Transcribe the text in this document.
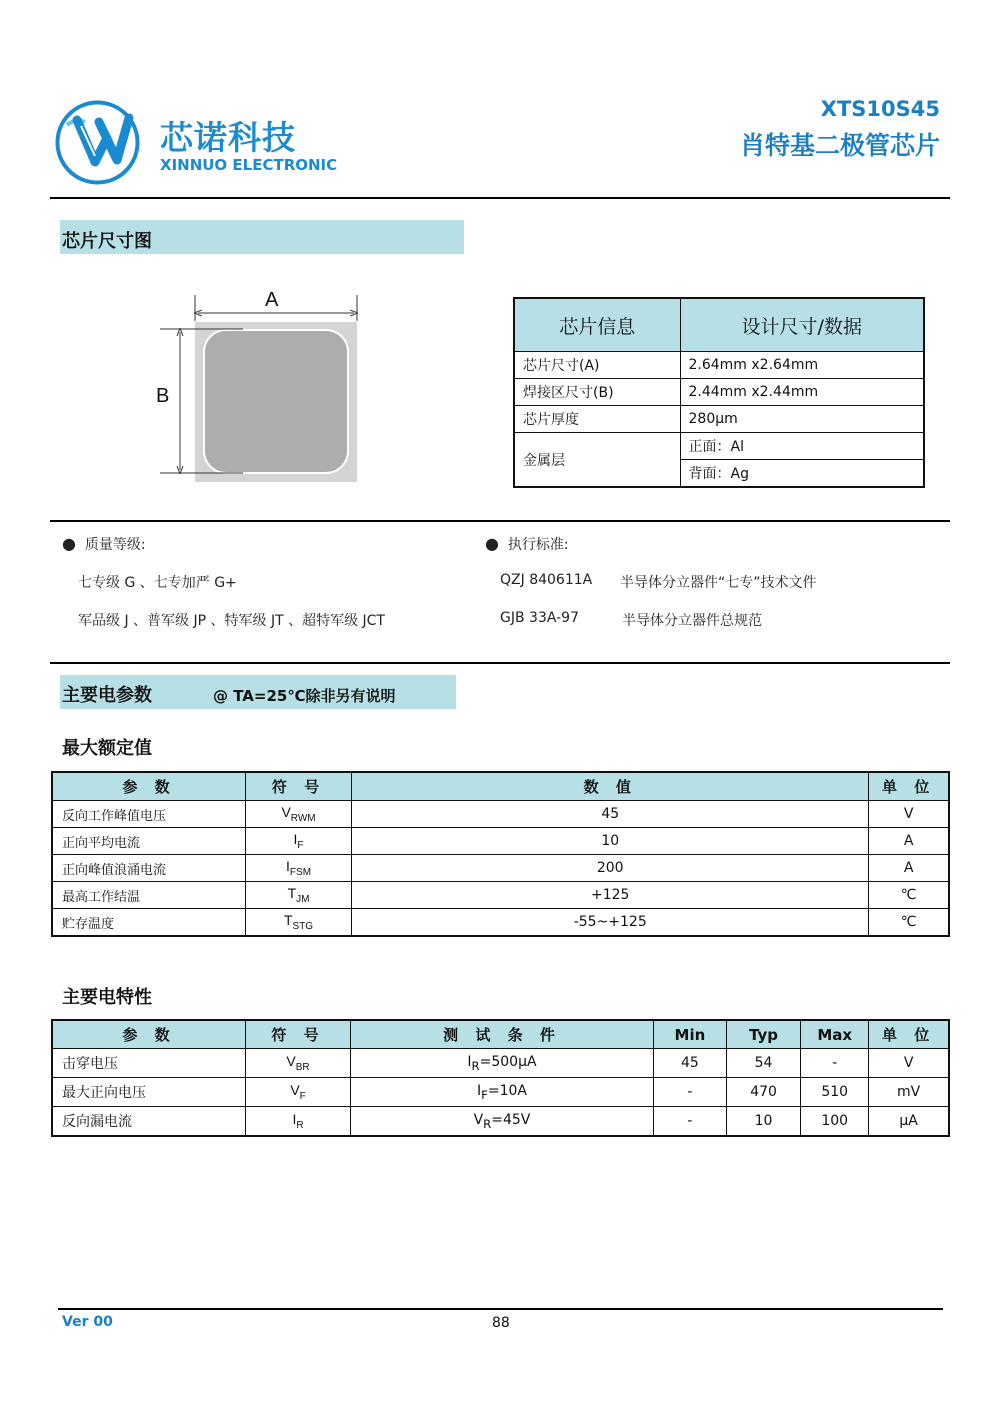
芯诺科技
XINNUO ELECTRONIC
XTS10S45
肖特基二极管芯片
芯片尺寸图
A
B
芯片信息	设计尺寸/数据
芯片尺寸(A)	2.64mm x2.64mm
焊接区尺寸(B)	2.44mm x2.44mm
芯片厚度	280μm
金属层	正面：Al
	背面：Ag
● 质量等级:
七专级 G 、七专加严 G+
军品级 J 、普军级 JP 、特军级 JT 、超特军级 JCT
● 执行标准:
QZJ 840611A 半导体分立器件“七专”技术文件
GJB 33A-97	半导体分立器件总规范
主要电参数	@ TA=25℃除非另有说明
最大额定值
参 数	符 号	数 值	单 位
反向工作峰值电压	$V_{RWM}$	45	V
正向平均电流	$I_F$	10	A
正向峰值浪涌电流	$I_{FSM}$	200	A
最高工作结温	$T_{JM}$	+125	℃
贮存温度	$T_{STG}$	-55~+125	℃
主要电特性
参 数	符 号	测 试 条 件	Min	Typ	Max	单 位
击穿电压	$V_{BR}$	$I_R=500\mu A$	45	54	-	V
最大正向电压	$V_F$	$I_F=10A$	-	470	510	mV
反向漏电流	$I_R$	$V_R=45V$	-	10	100	μA
Ver 00	88
